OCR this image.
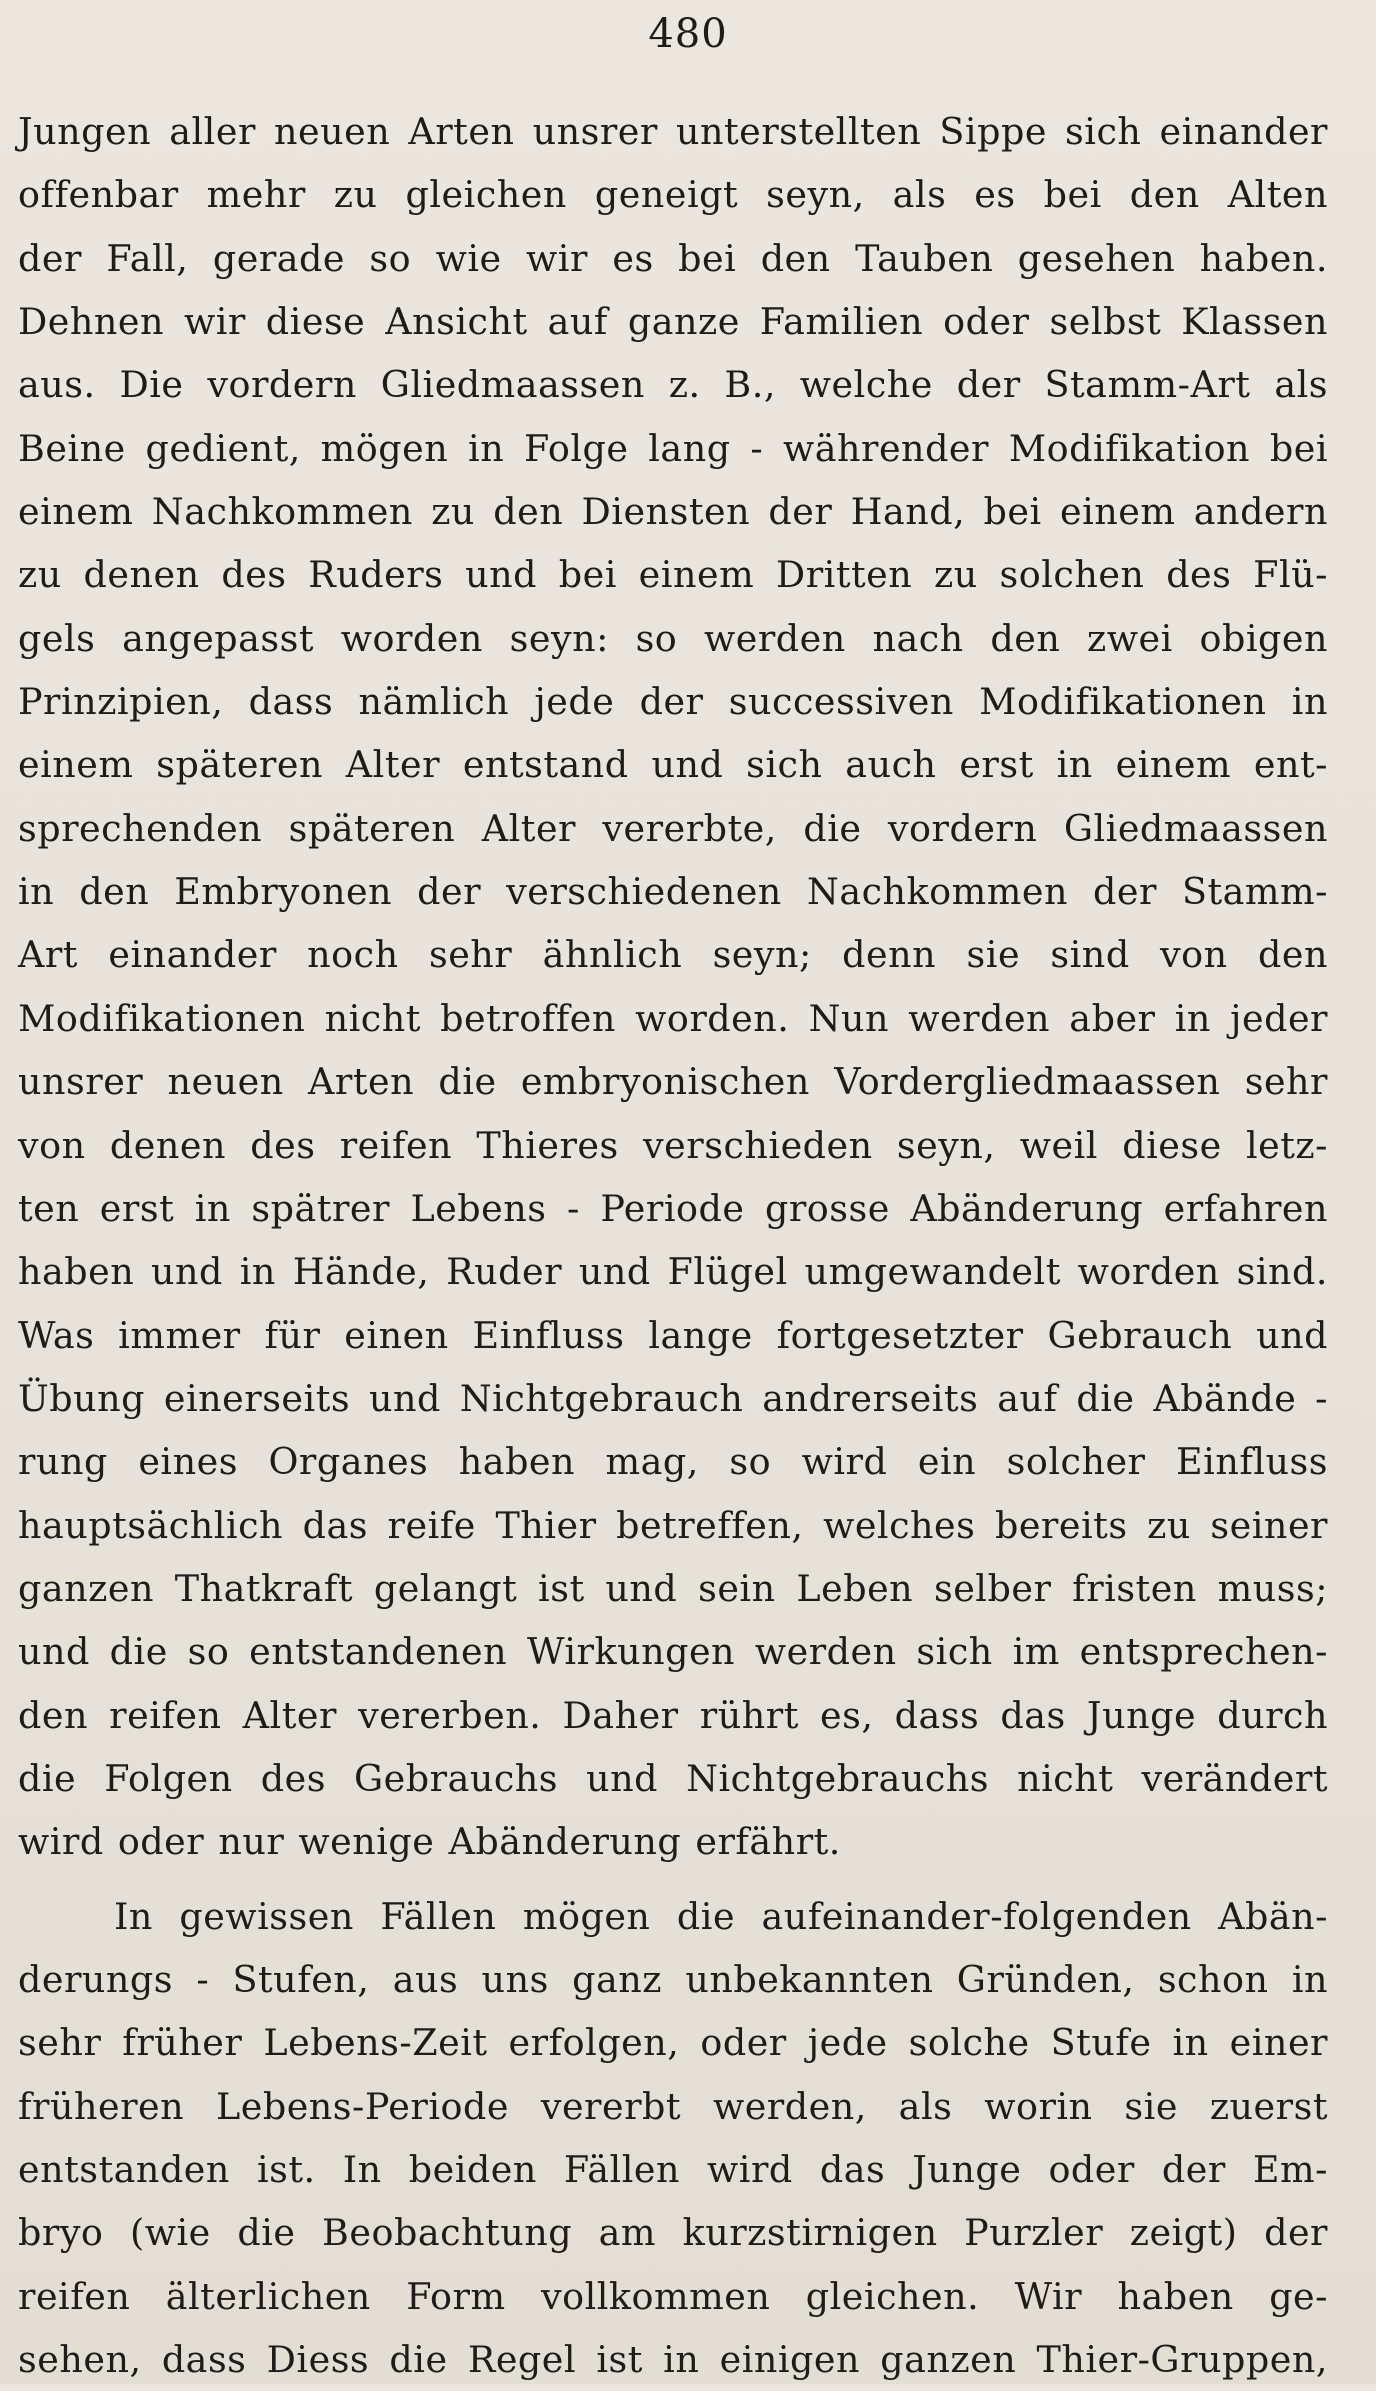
480
Jungen aller neuen Arten unsrer unterstellten Sippe sich einander
offenbar mehr zu gleichen geneigt seyn, als es bei den Alten
der Fall, gerade so wie wir es bei den Tauben gesehen haben.
Dehnen wir diese Ansicht auf ganze Familien oder selbst Klassen
aus. Die vordern Gliedmaassen z. B., welche der Stamm-Art als
Beine gedient, mögen in Folge lang - währender Modifikation bei
einem Nachkommen zu den Diensten der Hand, bei einem andern
zu denen des Ruders und bei einem Dritten zu solchen des Flü-
gels angepasst worden seyn: so werden nach den zwei obigen
Prinzipien, dass nämlich jede der successiven Modifikationen in
einem späteren Alter entstand und sich auch erst in einem ent-
sprechenden späteren Alter vererbte, die vordern Gliedmaassen
in den Embryonen der verschiedenen Nachkommen der Stamm-
Art einander noch sehr ähnlich seyn; denn sie sind von den
Modifikationen nicht betroffen worden. Nun werden aber in jeder
unsrer neuen Arten die embryonischen Vordergliedmaassen sehr
von denen des reifen Thieres verschieden seyn, weil diese letz-
ten erst in spätrer Lebens - Periode grosse Abänderung erfahren
haben und in Hände, Ruder und Flügel umgewandelt worden sind.
Was immer für einen Einfluss lange fortgesetzter Gebrauch und
Übung einerseits und Nichtgebrauch andrerseits auf die Abände -
rung eines Organes haben mag, so wird ein solcher Einfluss
hauptsächlich das reife Thier betreffen, welches bereits zu seiner
ganzen Thatkraft gelangt ist und sein Leben selber fristen muss;
und die so entstandenen Wirkungen werden sich im entsprechen-
den reifen Alter vererben. Daher rührt es, dass das Junge durch
die Folgen des Gebrauchs und Nichtgebrauchs nicht verändert
wird oder nur wenige Abänderung erfährt.
In gewissen Fällen mögen die aufeinander-folgenden Abän-
derungs - Stufen, aus uns ganz unbekannten Gründen, schon in
sehr früher Lebens-Zeit erfolgen, oder jede solche Stufe in einer
früheren Lebens-Periode vererbt werden, als worin sie zuerst
entstanden ist. In beiden Fällen wird das Junge oder der Em-
bryo (wie die Beobachtung am kurzstirnigen Purzler zeigt) der
reifen älterlichen Form vollkommen gleichen. Wir haben ge-
sehen, dass Diess die Regel ist in einigen ganzen Thier-Gruppen,
